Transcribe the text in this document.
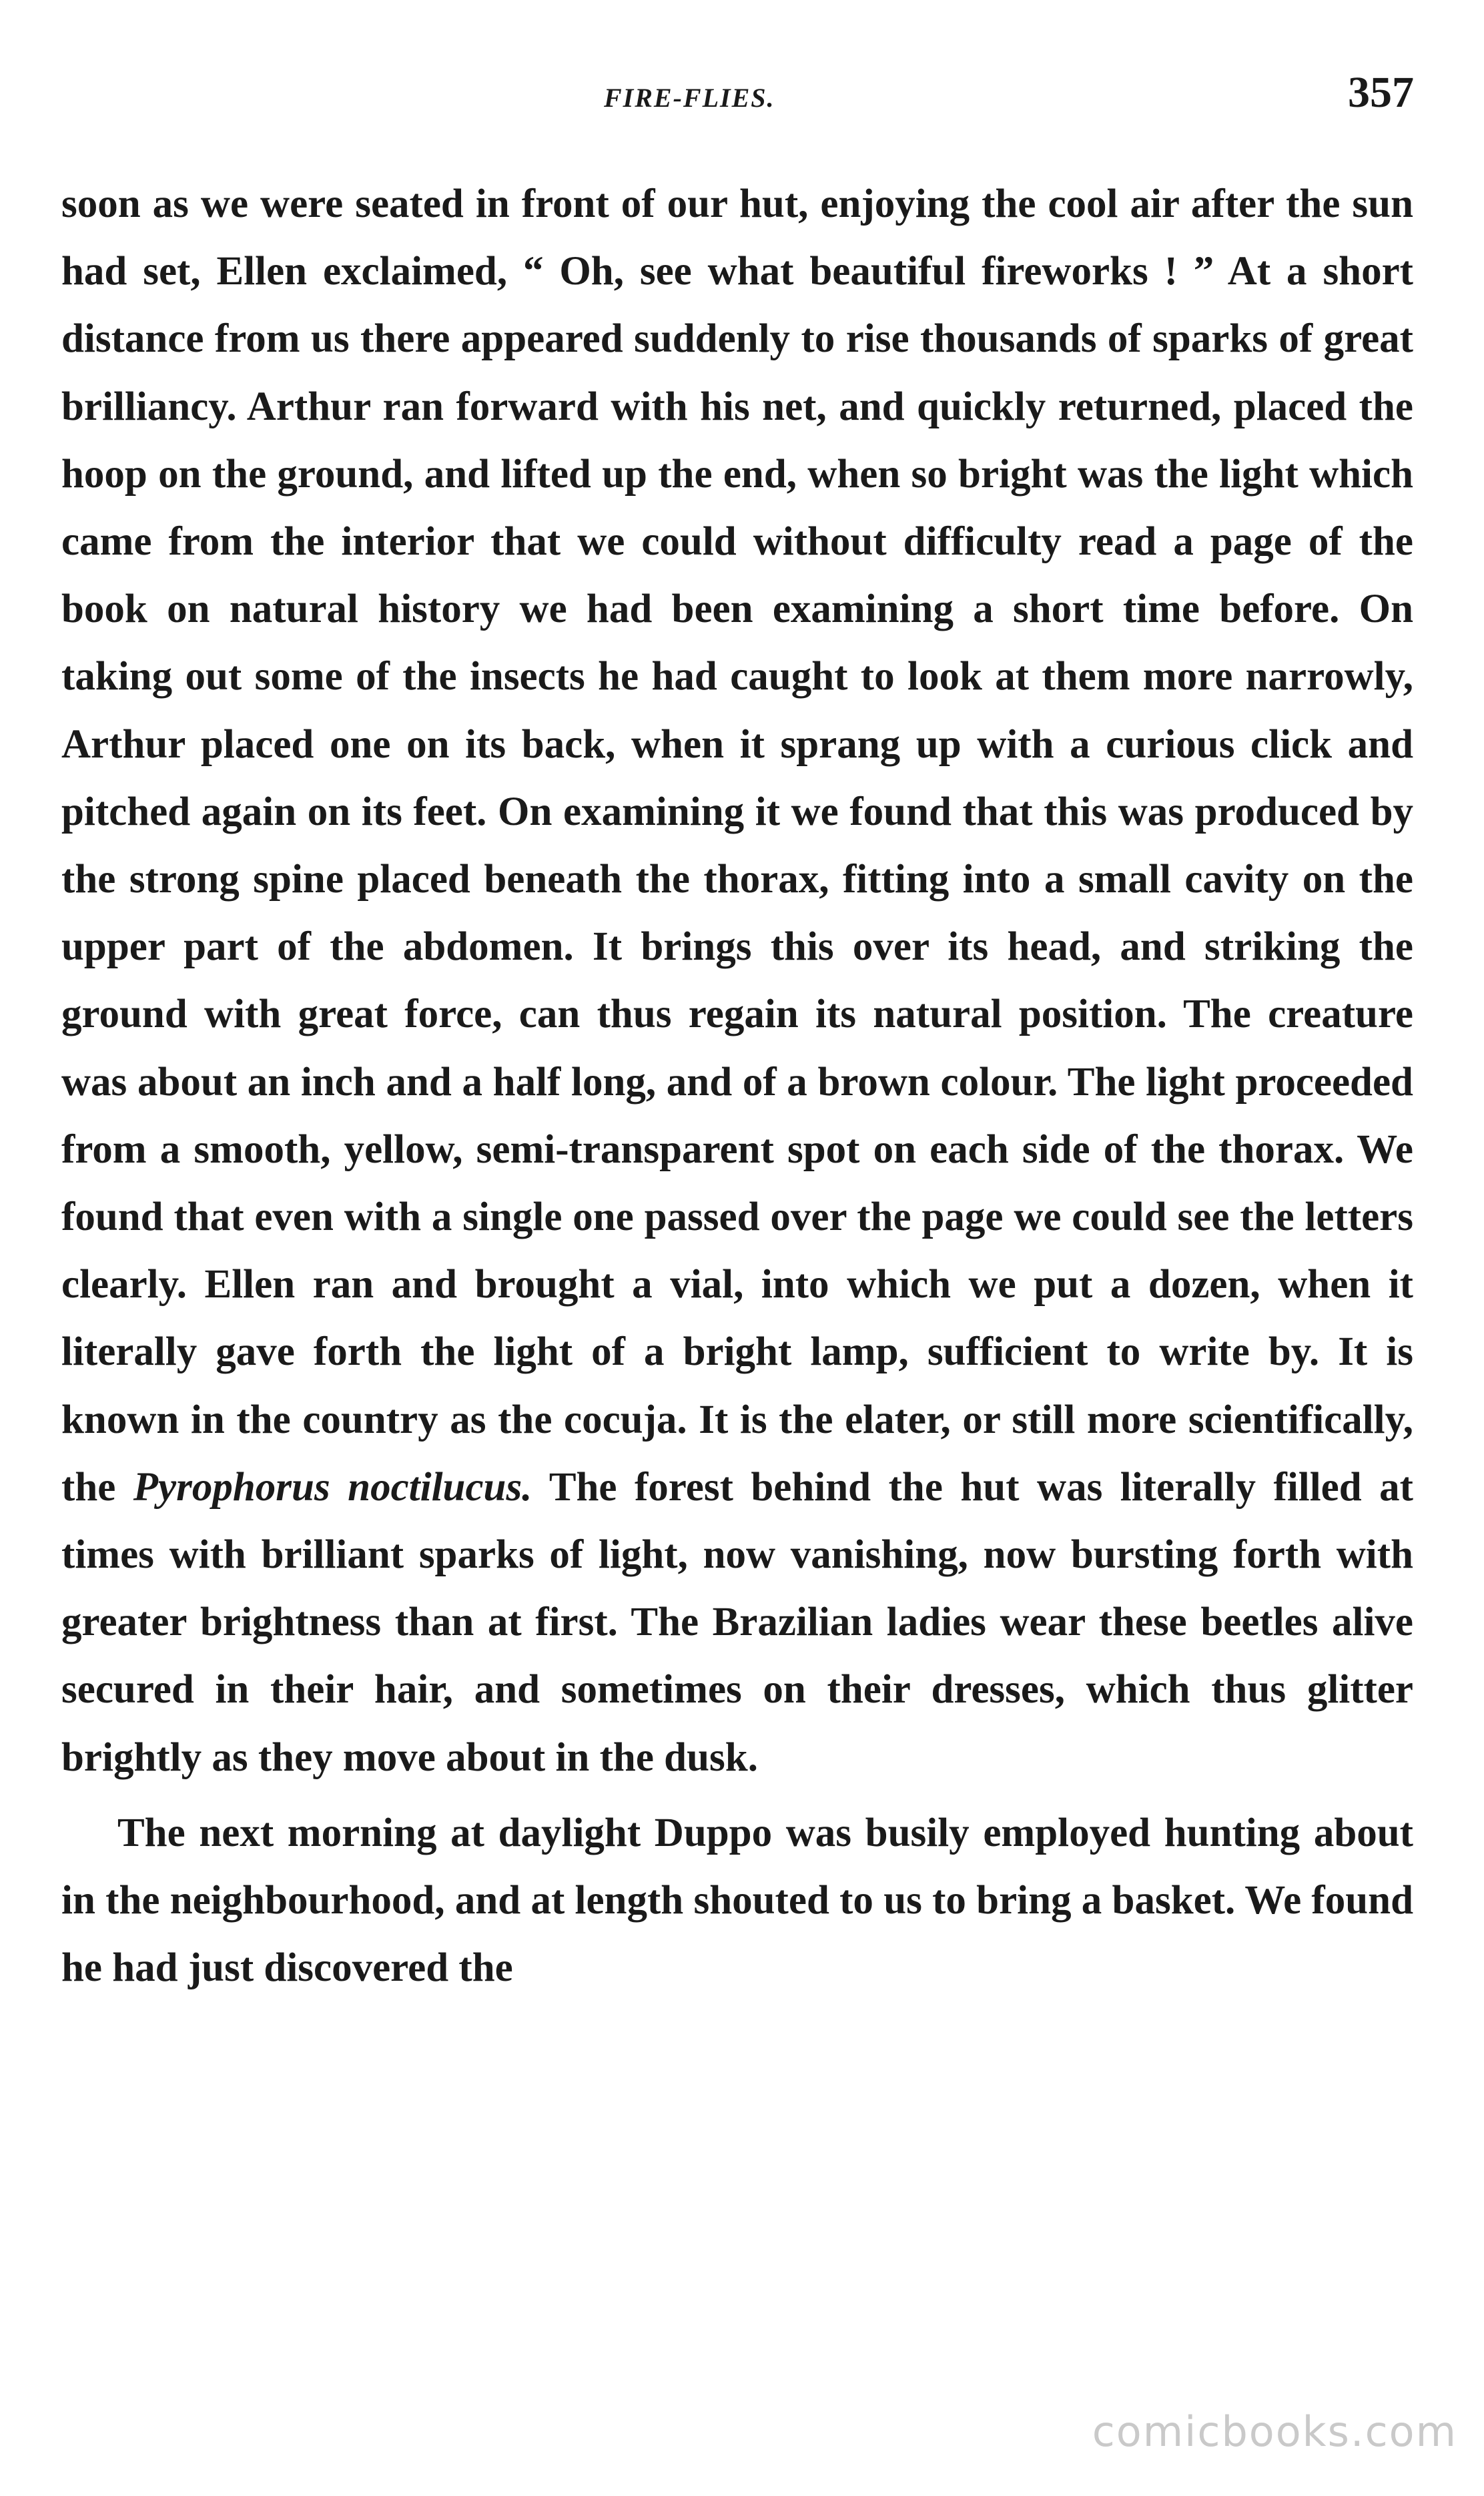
FIRE-FLIES.	357

soon as we were seated in front of our hut, enjoying the cool air after the sun had set, Ellen exclaimed, “ Oh, see what beautiful fireworks ! ” At a short distance from us there appeared suddenly to rise thousands of sparks of great brilliancy. Arthur ran forward with his net, and quickly returned, placed the hoop on the ground, and lifted up the end, when so bright was the light which came from the interior that we could without difficulty read a page of the book on natural history we had been examining a short time before. On taking out some of the insects he had caught to look at them more narrowly, Arthur placed one on its back, when it sprang up with a curious click and pitched again on its feet. On examining it we found that this was produced by the strong spine placed beneath the thorax, fitting into a small cavity on the upper part of the abdomen. It brings this over its head, and striking the ground with great force, can thus regain its natural position. The creature was about an inch and a half long, and of a brown colour. The light proceeded from a smooth, yellow, semi-transparent spot on each side of the thorax. We found that even with a single one passed over the page we could see the letters clearly. Ellen ran and brought a vial, into which we put a dozen, when it literally gave forth the light of a bright lamp, sufficient to write by. It is known in the country as the cocuja. It is the elater, or still more scientifically, the Pyrophorus noctilucus. The forest behind the hut was literally filled at times with brilliant sparks of light, now vanishing, now bursting forth with greater brightness than at first. The Brazilian ladies wear these beetles alive secured in their hair, and sometimes on their dresses, which thus glitter brightly as they move about in the dusk.

The next morning at daylight Duppo was busily employed hunting about in the neighbourhood, and at length shouted to us to bring a basket. We found he had just discovered the

comicbooks.com
